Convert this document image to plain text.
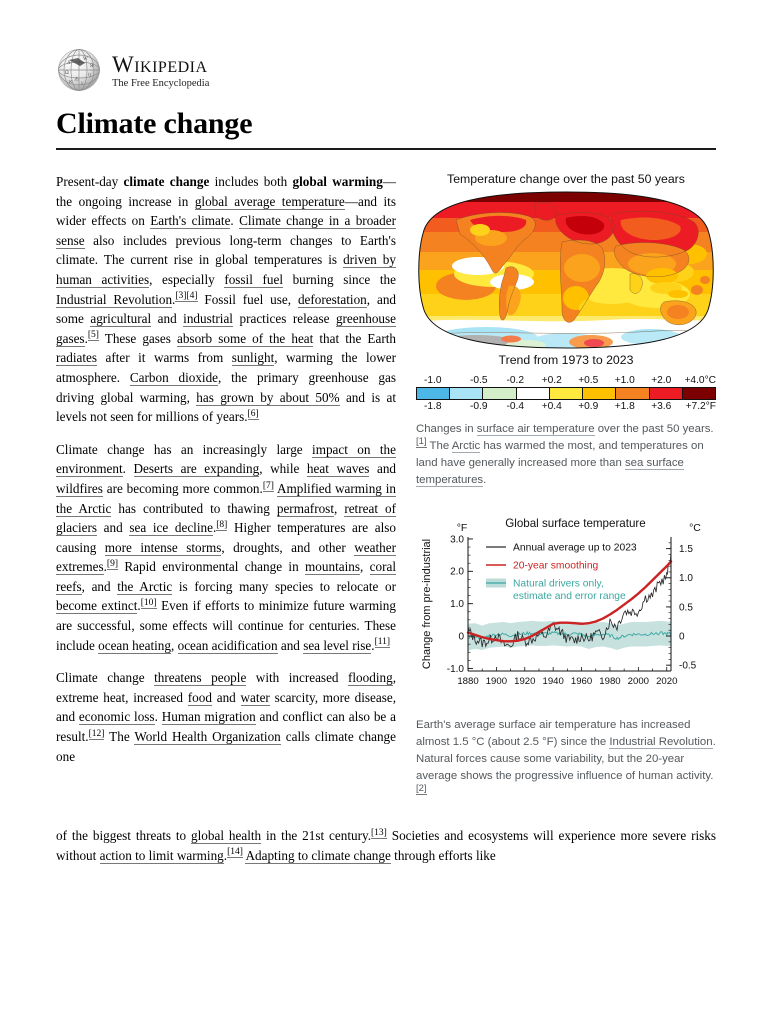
A
W
Я
Ω
り
あ
ᚦ
א
Wikipedia
The Free Encyclopedia
Climate change
Temperature change over the past 50 years
Trend from 1973 to 2023
-1.0	-0.5	-0.2	+0.2	+0.5	+1.0	+2.0	+4.0°C
-1.8	-0.9	-0.4	+0.4	+0.9	+1.8	+3.6	+7.2°F
Changes in surface air temperature over the past 50 years.[1] The Arctic has warmed the most, and temperatures on land have generally increased more than sea surface temperatures.
Global surface temperature
°F	°C
Change from pre-industrial
1880 1900 1920 1940 1960 1980 2000 2020
-1.0
0
1.0
2.0
3.0
-0.5
0
0.5
1.0
1.5
Annual average up to 2023
20-year smoothing
Natural drivers only,
estimate and error range
Earth's average surface air temperature has increased almost 1.5 °C (about 2.5 °F) since the Industrial Revolution. Natural forces cause some variability, but the 20-year average shows the progressive influence of human activity.[2]

Present-day climate change includes both global warming—the ongoing increase in global average temperature—and its wider effects on Earth's climate. Climate change in a broader sense also includes previous long-term changes to Earth's climate. The current rise in global temperatures is driven by human activities, especially fossil fuel burning since the Industrial Revolution.[3][4] Fossil fuel use, deforestation, and some agricultural and industrial practices release greenhouse gases.[5] These gases absorb some of the heat that the Earth radiates after it warms from sunlight, warming the lower atmosphere. Carbon dioxide, the primary greenhouse gas driving global warming, has grown by about 50% and is at levels not seen for millions of years.[6]

Climate change has an increasingly large impact on the environment. Deserts are expanding, while heat waves and wildfires are becoming more common.[7] Amplified warming in the Arctic has contributed to thawing permafrost, retreat of glaciers and sea ice decline.[8] Higher temperatures are also causing more intense storms, droughts, and other weather extremes.[9] Rapid environmental change in mountains, coral reefs, and the Arctic is forcing many species to relocate or become extinct.[10] Even if efforts to minimize future warming are successful, some effects will continue for centuries. These include ocean heating, ocean acidification and sea level rise.[11]

Climate change threatens people with increased flooding, extreme heat, increased food and water scarcity, more disease, and economic loss. Human migration and conflict can also be a result.[12] The World Health Organization calls climate change one

of the biggest threats to global health in the 21st century.[13] Societies and ecosystems will experience more severe risks without action to limit warming.[14] Adapting to climate change through efforts like
